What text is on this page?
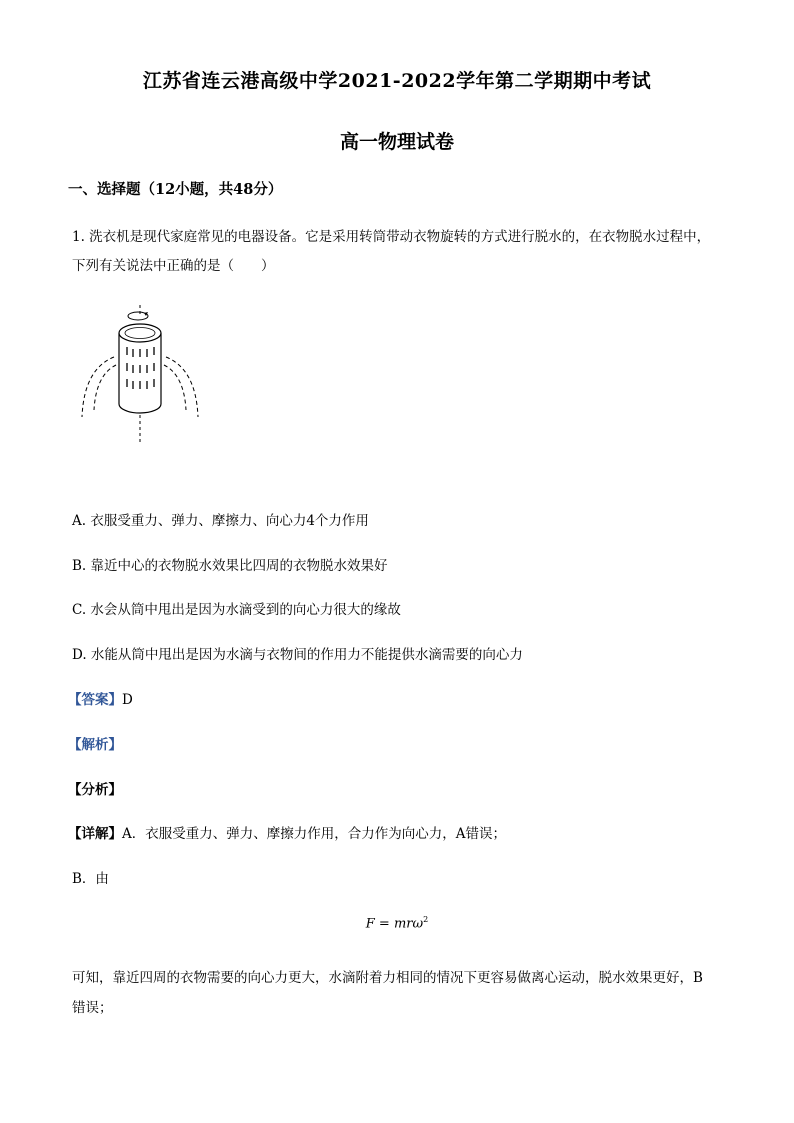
江苏省连云港高级中学2021-2022学年第二学期期中考试
高一物理试卷
一、选择题（12小题，共48分）
1. 洗衣机是现代家庭常见的电器设备。它是采用转筒带动衣物旋转的方式进行脱水的，在衣物脱水过程中，
下列有关说法中正确的是（　　）
A. 衣服受重力、弹力、摩擦力、向心力4个力作用
B. 靠近中心的衣物脱水效果比四周的衣物脱水效果好
C. 水会从筒中甩出是因为水滴受到的向心力很大的缘故
D. 水能从筒中甩出是因为水滴与衣物间的作用力不能提供水滴需要的向心力
【答案】D
【解析】
【分析】
【详解】A．衣服受重力、弹力、摩擦力作用，合力作为向心力，A错误；
B．由
F = mrω$^2$
可知，靠近四周的衣物需要的向心力更大，水滴附着力相同的情况下更容易做离心运动，脱水效果更好，B
错误；
